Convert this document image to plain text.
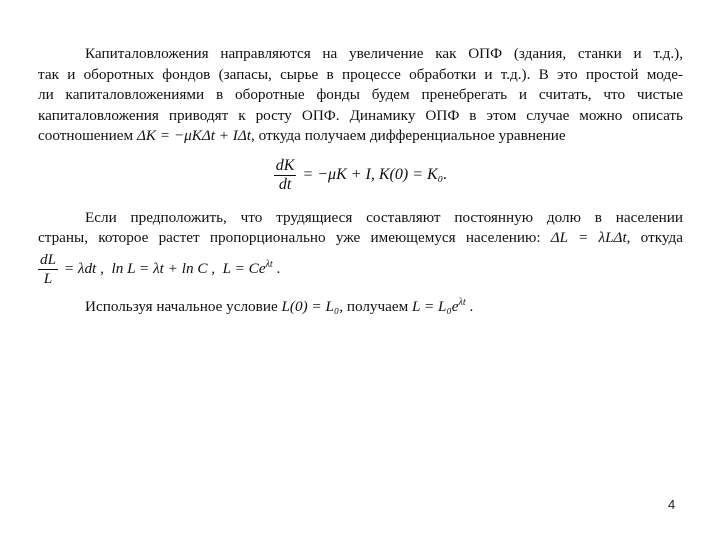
Капиталовложения направляются на увеличение как ОПФ (здания, станки и т.д.),
так и оборотных фондов (запасы, сырье в процессе обработки и т.д.). В это простой моде-
ли капиталовложениями в оборотные фонды будем пренебрегать и считать, что чистые
капиталовложения приводят к росту ОПФ. Динамику ОПФ в этом случае можно описать
соотношением ΔK = −μKΔt + IΔt, откуда получаем дифференциальное уравнение

$\frac{dK}{dt} = -\mu K + I$, K(0) = K₀.

Если предположить, что трудящиеся составляют постоянную долю в населении
страны, которое растет пропорционально уже имеющемуся населению: ΔL = λLΔt, откуда

$\frac{dL}{L} = \lambda dt$ , ln L = λt + ln C , $L = Ce^{\lambda t}$ .
Используя начальное условие L(0) = L₀, получаем $L = L_0e^{\lambda t}$ .
4
